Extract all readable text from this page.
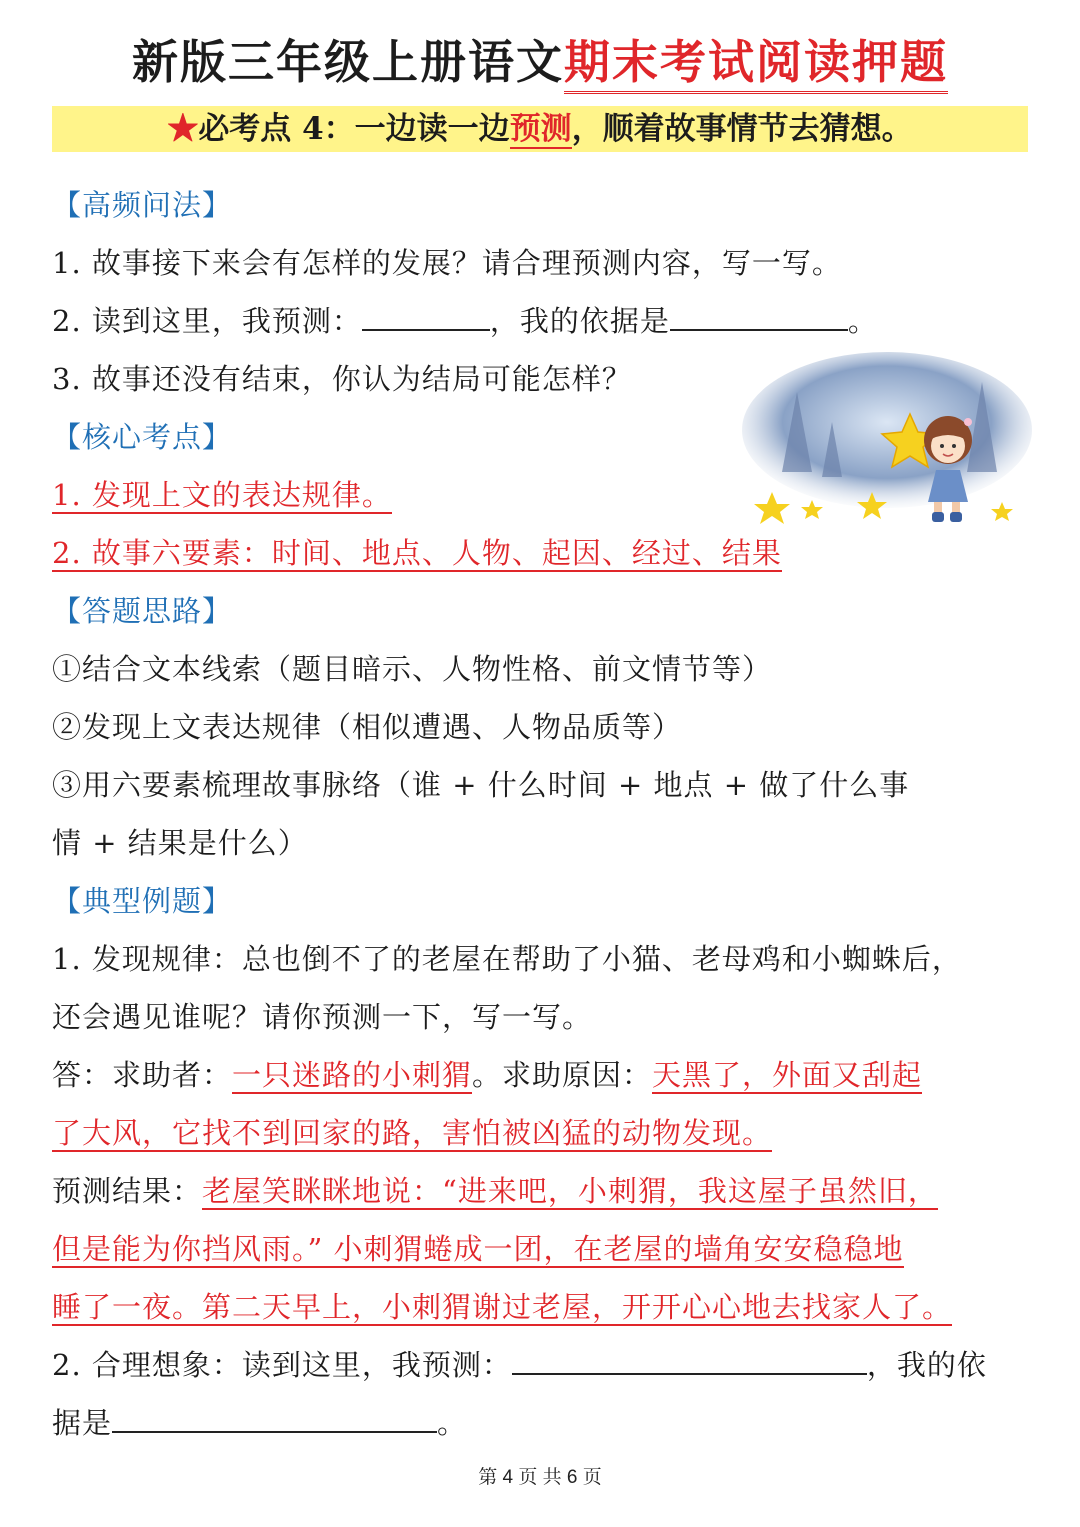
新版三年级上册语文期末考试阅读押题
★必考点 4：一边读一边预测，顺着故事情节去猜想。
【高频问法】
1. 故事接下来会有怎样的发展？请合理预测内容，写一写。
2. 读到这里，我预测：	，我的依据是	。
3. 故事还没有结束，你认为结局可能怎样？
【核心考点】
1. 发现上文的表达规律。
2. 故事六要素：时间、地点、人物、起因、经过、结果
【答题思路】
①结合文本线索（题目暗示、人物性格、前文情节等）
②发现上文表达规律（相似遭遇、人物品质等）
③用六要素梳理故事脉络（谁 + 什么时间 + 地点 + 做了什么事
情 + 结果是什么）
【典型例题】
1. 发现规律：总也倒不了的老屋在帮助了小猫、老母鸡和小蜘蛛后，
还会遇见谁呢？请你预测一下，写一写。
答：求助者：一只迷路的小刺猬。求助原因：天黑了，外面又刮起
了大风，它找不到回家的路，害怕被凶猛的动物发现。
预测结果：老屋笑眯眯地说：“进来吧，小刺猬，我这屋子虽然旧，
但是能为你挡风雨。” 小刺猬蜷成一团，在老屋的墙角安安稳稳地
睡了一夜。第二天早上，小刺猬谢过老屋，开开心心地去找家人了。
2. 合理想象：读到这里，我预测：	，我的依
据是	。
第 4 页 共 6 页
